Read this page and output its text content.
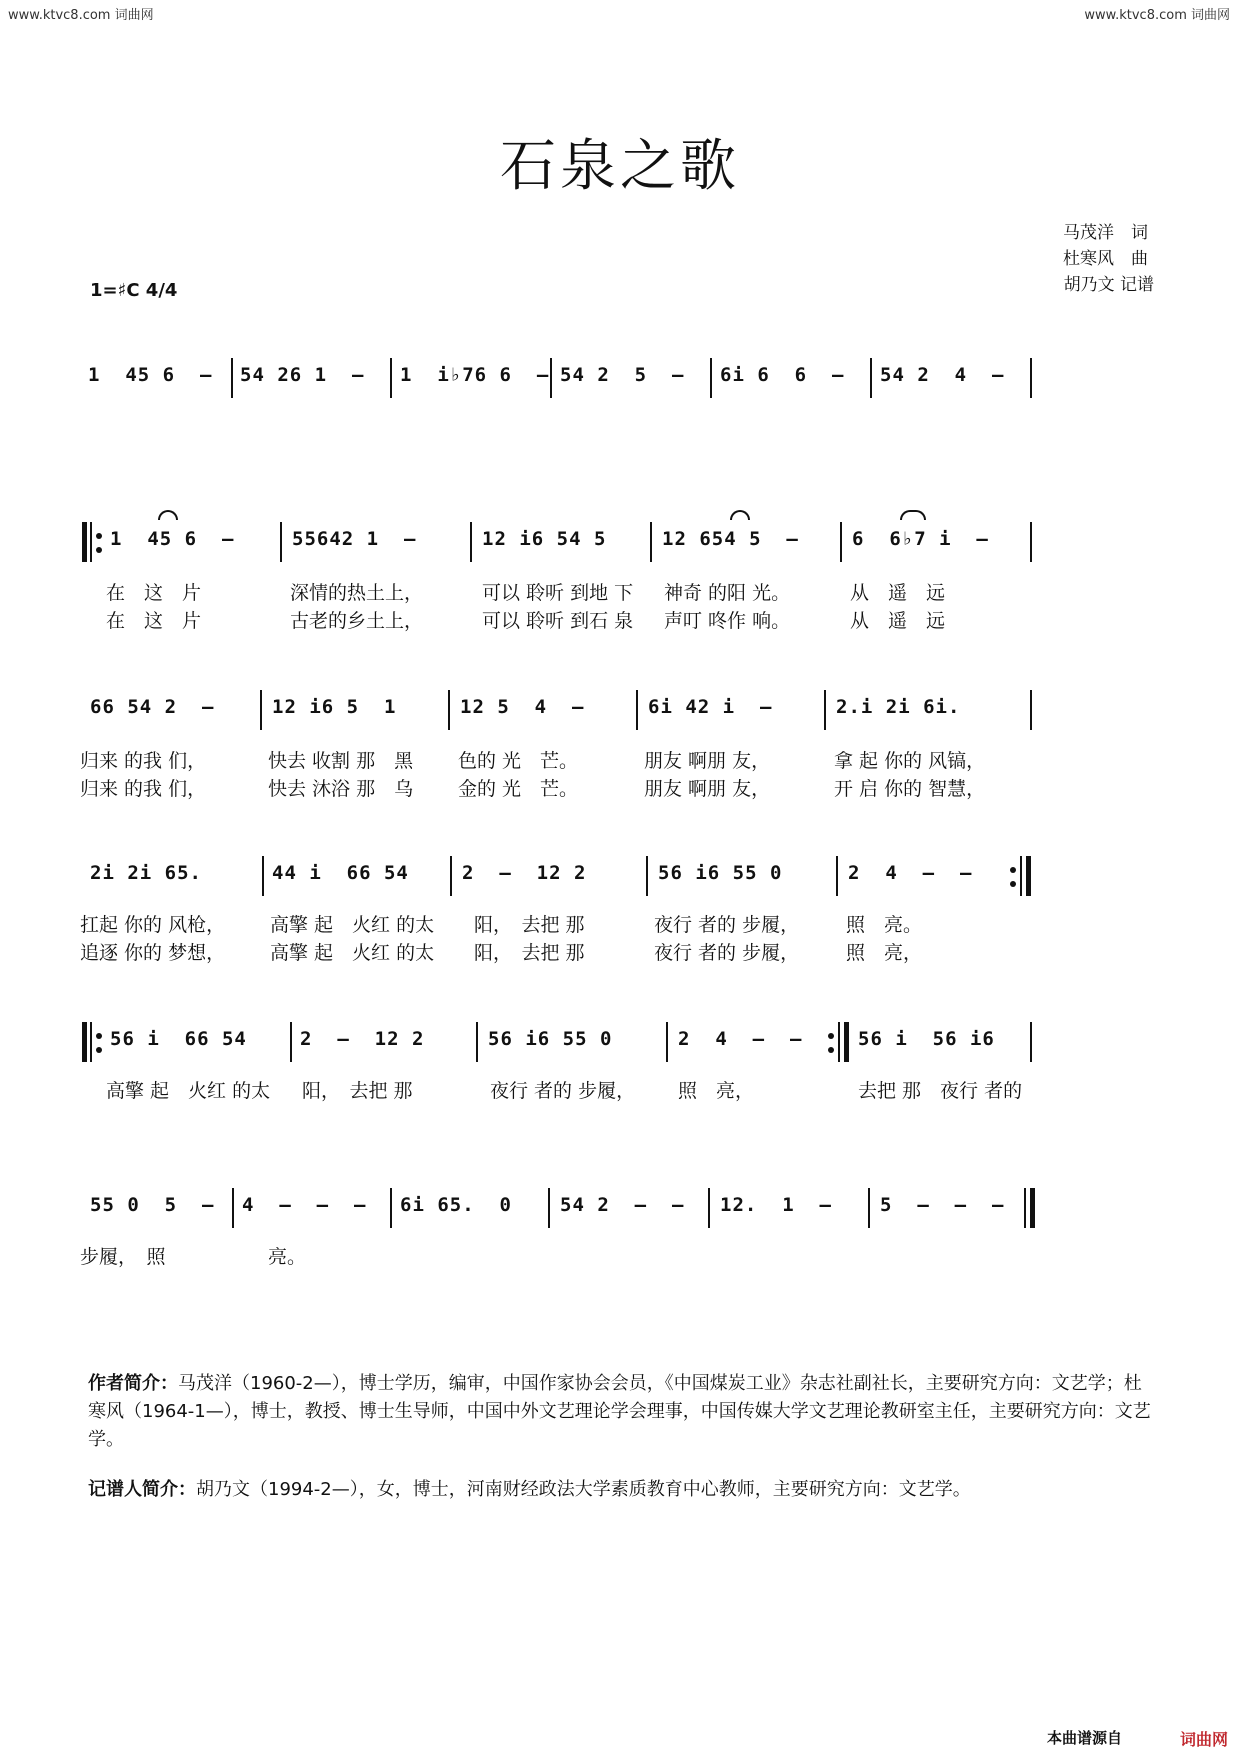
www.ktvc8.com 词曲网	www.ktvc8.com 词曲网
石泉之歌
马茂洋　词
杜寒风　曲
胡乃文 记谱
1=♯C 4/4
1  45 6  – 54 26 1  – 1  i♭76 6  – 54 2  5  – 6i 6  6  – 54 2  4  –
1  45 6  –	55642 1  –	12 i6 54 5	12 654 5  –	6  6♭7 i  –
在　这　片	深情的热土上，	可以 聆听 到地 下 神奇 的阳 光。	从　遥　远
在　这　片	古老的乡土上，	可以 聆听 到石 泉 声叮 咚作 响。	从　遥　远
66 54 2  –	12 i6 5  1	12 5  4  –	6i 42 i  –	2.i 2i 6i.
归来 的我 们，	快去 收割 那　黑 色的 光　芒。	朋友 啊朋 友，	拿 起 你的 风镐，
归来 的我 们，	快去 沐浴 那　乌 金的 光　芒。	朋友 啊朋 友，	开 启 你的 智慧，
2i 2i 65.	44 i  66 54	2  –  12 2	56 i6 55 0	2  4  –  –
扛起 你的 风枪， 高擎 起　火红 的太 阳，　去把 那	夜行 者的 步履， 照　亮。
追逐 你的 梦想， 高擎 起　火红 的太 阳，　去把 那	夜行 者的 步履， 照　亮，
56 i  66 54	2  –  12 2	56 i6 55 0	2  4  –  –	56 i  56 i6
高擎 起　火红 的太 阳，　去把 那	夜行 者的 步履， 照　亮，	去把 那　夜行 者的
55 0  5  – 4  –  –  – 6i 65.  0	54 2  –  – 12.  1  –	5  –  –  –
步履，　照	亮。
作者简介：马茂洋（1960-2—），博士学历，编审，中国作家协会会员，《中国煤炭工业》杂志社副社长，主要研究方向：文艺学；杜寒风（1964-1—），博士，教授、博士生导师，中国中外文艺理论学会理事，中国传媒大学文艺理论教研室主任，主要研究方向：文艺学。
记谱人简介：胡乃文（1994-2—），女，博士，河南财经政法大学素质教育中心教师，主要研究方向：文艺学。
本曲谱源自	词曲网
